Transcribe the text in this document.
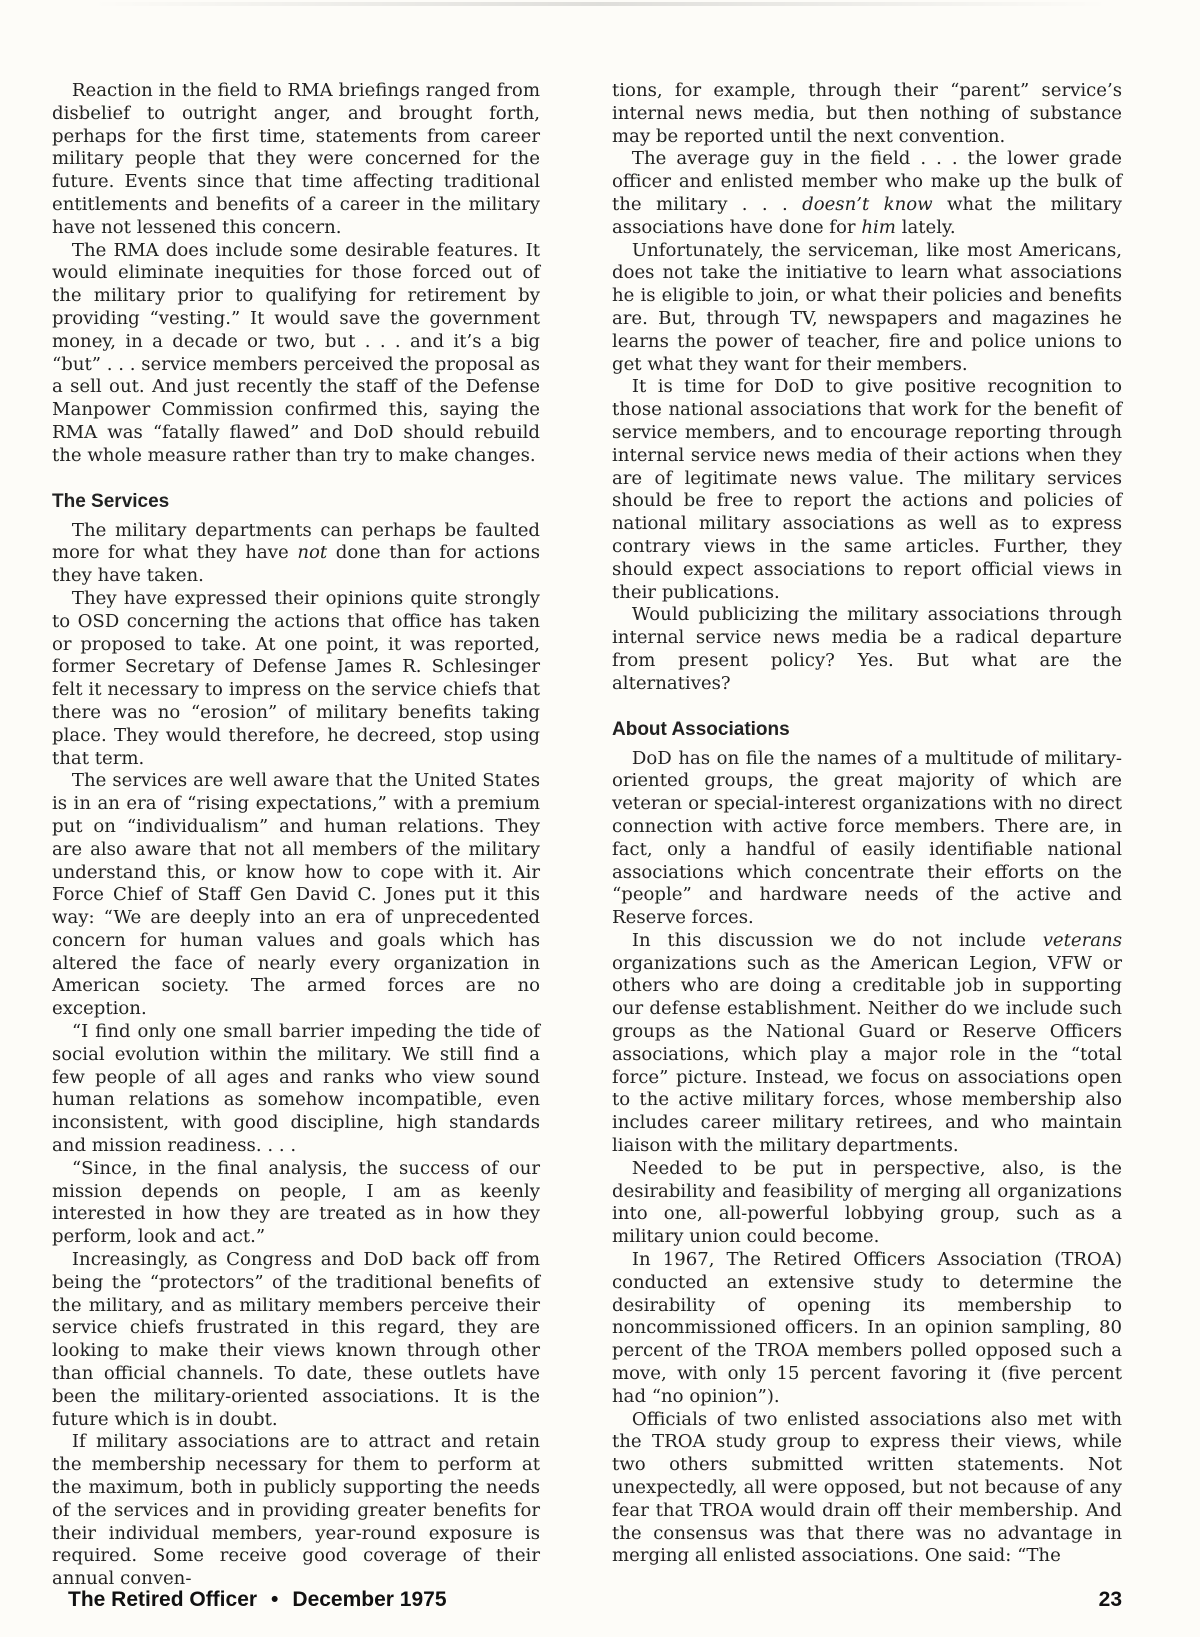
Reaction in the field to RMA briefings ranged from disbelief to outright anger, and brought forth, perhaps for the first time, statements from career military people that they were concerned for the future. Events since that time affecting traditional entitlements and benefits of a career in the military have not lessened this concern.

The RMA does include some desirable features. It would eliminate inequities for those forced out of the military prior to qualifying for retirement by providing “vesting.” It would save the government money, in a decade or two, but . . . and it’s a big “but” . . . service members perceived the proposal as a sell out. And just recently the staff of the Defense Manpower Commission confirmed this, saying the RMA was “fatally flawed” and DoD should rebuild the whole measure rather than try to make changes.

The Services

The military departments can perhaps be faulted more for what they have not done than for actions they have taken.

They have expressed their opinions quite strongly to OSD concerning the actions that office has taken or proposed to take. At one point, it was reported, former Secretary of Defense James R. Schlesinger felt it necessary to impress on the service chiefs that there was no “erosion” of military benefits taking place. They would therefore, he decreed, stop using that term.

The services are well aware that the United States is in an era of “rising expectations,” with a premium put on “individualism” and human relations. They are also aware that not all members of the military understand this, or know how to cope with it. Air Force Chief of Staff Gen David C. Jones put it this way: “We are deeply into an era of unprecedented concern for human values and goals which has altered the face of nearly every organization in American society. The armed forces are no exception.

“I find only one small barrier impeding the tide of social evolution within the military. We still find a few people of all ages and ranks who view sound human relations as somehow incompatible, even inconsistent, with good discipline, high standards and mission readiness. . . .

“Since, in the final analysis, the success of our mission depends on people, I am as keenly interested in how they are treated as in how they perform, look and act.”

Increasingly, as Congress and DoD back off from being the “protectors” of the traditional benefits of the military, and as military members perceive their service chiefs frustrated in this regard, they are looking to make their views known through other than official channels. To date, these outlets have been the military-oriented associations. It is the future which is in doubt.

If military associations are to attract and retain the membership necessary for them to perform at the maximum, both in publicly supporting the needs of the services and in providing greater benefits for their individual members, year-round exposure is required. Some receive good coverage of their annual conven-

tions, for example, through their “parent” service’s internal news media, but then nothing of substance may be reported until the next convention.

The average guy in the field . . . the lower grade officer and enlisted member who make up the bulk of the military . . . doesn’t know what the military associations have done for him lately.

Unfortunately, the serviceman, like most Americans, does not take the initiative to learn what associations he is eligible to join, or what their policies and benefits are. But, through TV, newspapers and magazines he learns the power of teacher, fire and police unions to get what they want for their members.

It is time for DoD to give positive recognition to those national associations that work for the benefit of service members, and to encourage reporting through internal service news media of their actions when they are of legitimate news value. The military services should be free to report the actions and policies of national military associations as well as to express contrary views in the same articles. Further, they should expect associations to report official views in their publications.

Would publicizing the military associations through internal service news media be a radical departure from present policy? Yes. But what are the alternatives?

About Associations

DoD has on file the names of a multitude of military-oriented groups, the great majority of which are veteran or special-interest organizations with no direct connection with active force members. There are, in fact, only a handful of easily identifiable national associations which concentrate their efforts on the “people” and hardware needs of the active and Reserve forces.

In this discussion we do not include veterans organizations such as the American Legion, VFW or others who are doing a creditable job in supporting our defense establishment. Neither do we include such groups as the National Guard or Reserve Officers associations, which play a major role in the “total force” picture. Instead, we focus on associations open to the active military forces, whose membership also includes career military retirees, and who maintain liaison with the military departments.

Needed to be put in perspective, also, is the desirability and feasibility of merging all organizations into one, all-powerful lobbying group, such as a military union could become.

In 1967, The Retired Officers Association (TROA) conducted an extensive study to determine the desirability of opening its membership to noncommissioned officers. In an opinion sampling, 80 percent of the TROA members polled opposed such a move, with only 15 percent favoring it (five percent had “no opinion”).

Officials of two enlisted associations also met with the TROA study group to express their views, while two others submitted written statements. Not unexpectedly, all were opposed, but not because of any fear that TROA would drain off their membership. And the consensus was that there was no advantage in merging all enlisted associations. One said: “The

The Retired Officer • December 1975	23
